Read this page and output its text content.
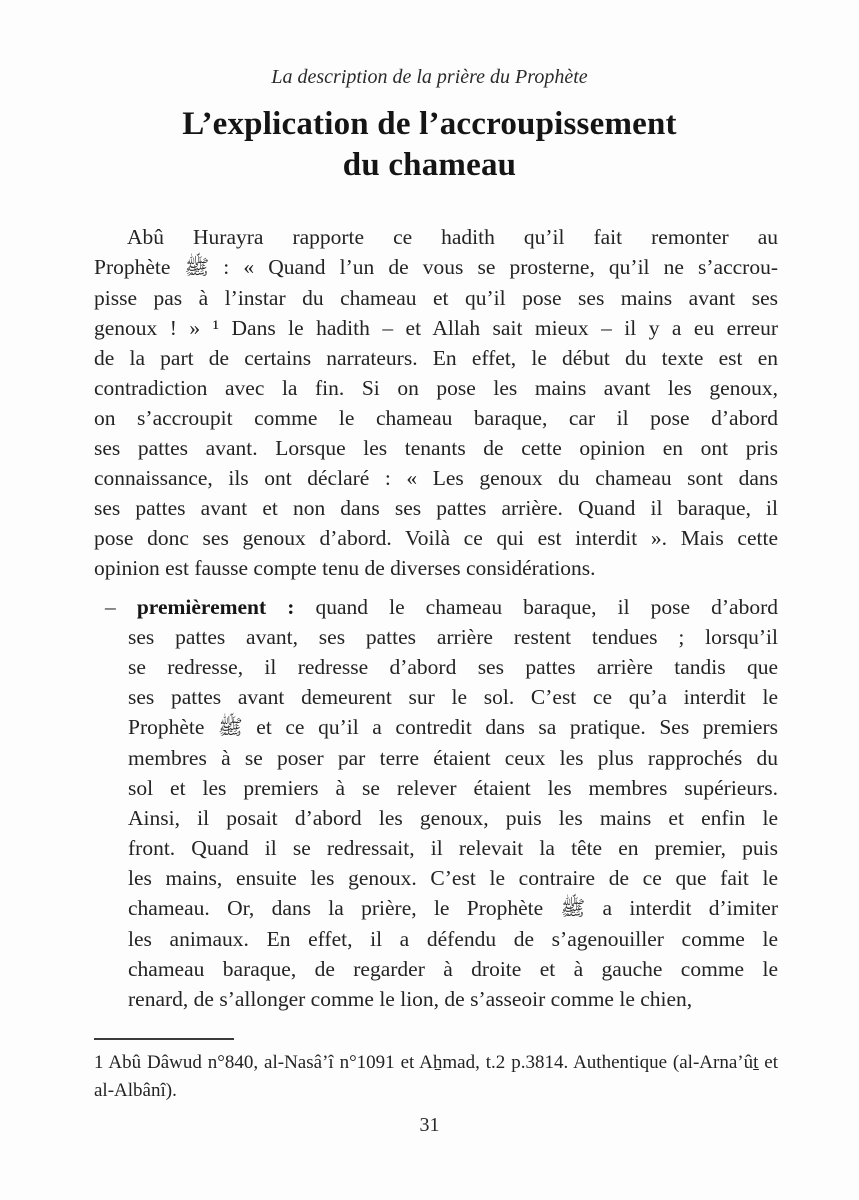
La description de la prière du Prophète
L’explication de l’accroupissement
du chameau
Abû Hurayra rapporte ce hadith qu’il fait remonter au
Prophète ﷺ : « Quand l’un de vous se prosterne, qu’il ne s’accrou-
pisse pas à l’instar du chameau et qu’il pose ses mains avant ses
genoux ! » ¹ Dans le hadith – et Allah sait mieux – il y a eu erreur
de la part de certains narrateurs. En effet, le début du texte est en
contradiction avec la fin. Si on pose les mains avant les genoux,
on s’accroupit comme le chameau baraque, car il pose d’abord
ses pattes avant. Lorsque les tenants de cette opinion en ont pris
connaissance, ils ont déclaré : « Les genoux du chameau sont dans
ses pattes avant et non dans ses pattes arrière. Quand il baraque, il
pose donc ses genoux d’abord. Voilà ce qui est interdit ». Mais cette
opinion est fausse compte tenu de diverses considérations.
– premièrement : quand le chameau baraque, il pose d’abord
ses pattes avant, ses pattes arrière restent tendues ; lorsqu’il
se redresse, il redresse d’abord ses pattes arrière tandis que
ses pattes avant demeurent sur le sol. C’est ce qu’a interdit le
Prophète ﷺ et ce qu’il a contredit dans sa pratique. Ses premiers
membres à se poser par terre étaient ceux les plus rapprochés du
sol et les premiers à se relever étaient les membres supérieurs.
Ainsi, il posait d’abord les genoux, puis les mains et enfin le
front. Quand il se redressait, il relevait la tête en premier, puis
les mains, ensuite les genoux. C’est le contraire de ce que fait le
chameau. Or, dans la prière, le Prophète ﷺ a interdit d’imiter
les animaux. En effet, il a défendu de s’agenouiller comme le
chameau baraque, de regarder à droite et à gauche comme le
renard, de s’allonger comme le lion, de s’asseoir comme le chien,
1 Abû Dâwud n°840, al-Nasâ’î n°1091 et Aẖmad, t.2 p.3814. Authentique (al-Arna’ûṯ et
al-Albânî).
31
